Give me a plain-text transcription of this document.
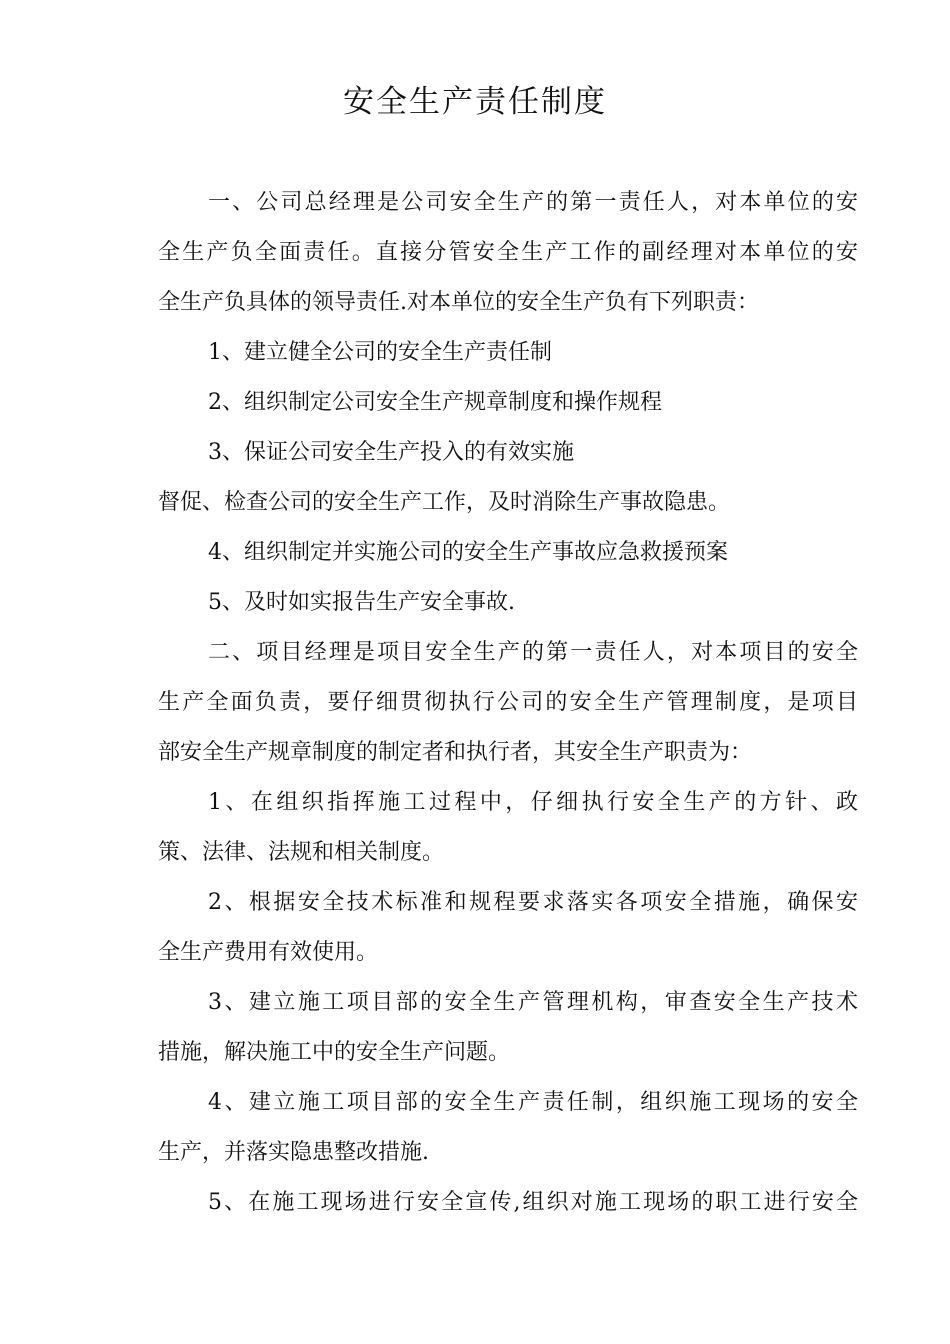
安全生产责任制度
一、公司总经理是公司安全生产的第一责任人，对本单位的安
全生产负全面责任。直接分管安全生产工作的副经理对本单位的安
全生产负具体的领导责任.对本单位的安全生产负有下列职责：
1、建立健全公司的安全生产责任制
2、组织制定公司安全生产规章制度和操作规程
3、保证公司安全生产投入的有效实施
督促、检查公司的安全生产工作，及时消除生产事故隐患。
4、组织制定并实施公司的安全生产事故应急救援预案
5、及时如实报告生产安全事故.
二、项目经理是项目安全生产的第一责任人，对本项目的安全
生产全面负责，要仔细贯彻执行公司的安全生产管理制度，是项目
部安全生产规章制度的制定者和执行者，其安全生产职责为：
1、在组织指挥施工过程中，仔细执行安全生产的方针、政
策、法律、法规和相关制度。
2、根据安全技术标准和规程要求落实各项安全措施，确保安
全生产费用有效使用。
3、建立施工项目部的安全生产管理机构，审查安全生产技术
措施，解决施工中的安全生产问题。
4、建立施工项目部的安全生产责任制，组织施工现场的安全
生产，并落实隐患整改措施.
5、在施工现场进行安全宣传,组织对施工现场的职工进行安全
